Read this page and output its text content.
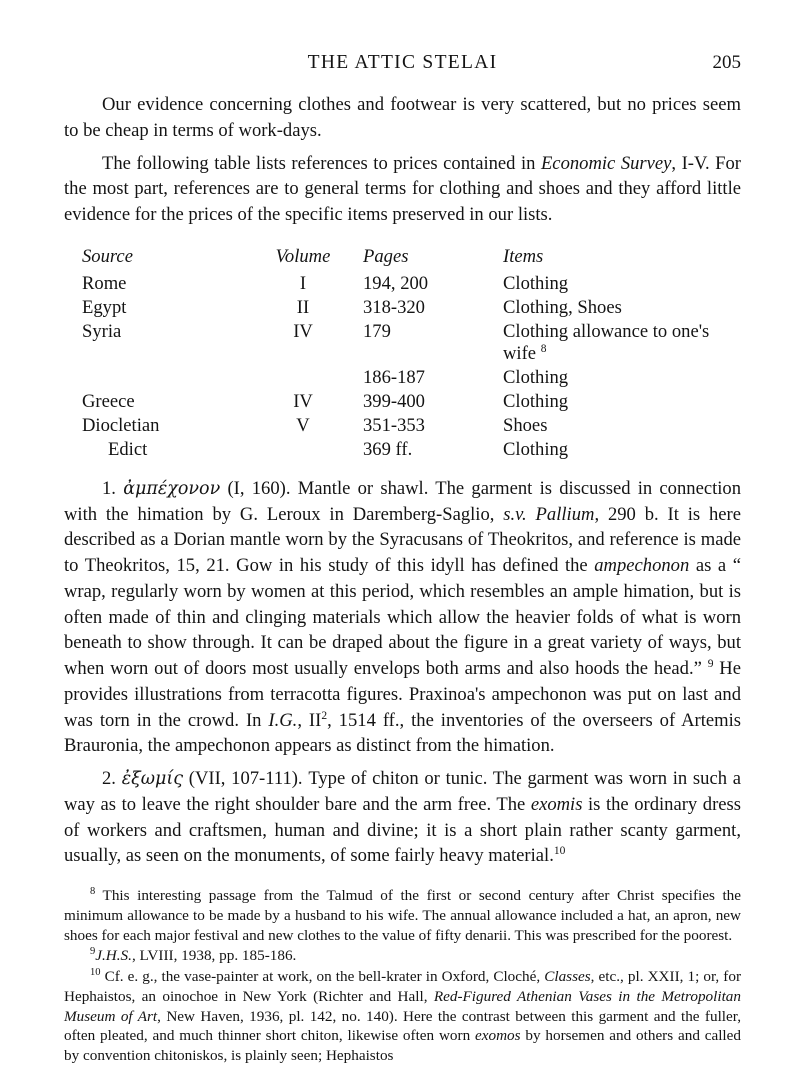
THE ATTIC STELAI	205

Our evidence concerning clothes and footwear is very scattered, but no prices seem to be cheap in terms of work-days.

The following table lists references to prices contained in Economic Survey, I-V. For the most part, references are to general terms for clothing and shoes and they afford little evidence for the prices of the specific items preserved in our lists.

Source	Volume	Pages	Items
Rome	I	194, 200	Clothing
Egypt	II	318-320	Clothing, Shoes
Syria	IV	179	Clothing allowance to one's wife $^8$
		186-187	Clothing
Greece	IV	399-400	Clothing
Diocletian	V	351-353	Shoes
Edict		369 ff.	Clothing

1. ἀμπέχονον (I, 160). Mantle or shawl. The garment is discussed in connection with the himation by G. Leroux in Daremberg-Saglio, s.v. Pallium, 290 b. It is here described as a Dorian mantle worn by the Syracusans of Theokritos, and reference is made to Theokritos, 15, 21. Gow in his study of this idyll has defined the ampechonon as a “ wrap, regularly worn by women at this period, which resembles an ample himation, but is often made of thin and clinging materials which allow the heavier folds of what is worn beneath to show through. It can be draped about the figure in a great variety of ways, but when worn out of doors most usually envelops both arms and also hoods the head.” $^9$ He provides illustrations from terracotta figures. Praxinoa's ampechonon was put on last and was torn in the crowd. In I.G., $II^2$, 1514 ff., the inventories of the overseers of Artemis Brauronia, the ampechonon appears as distinct from the himation.

2. ἐξωμίς (VII, 107-111). Type of chiton or tunic. The garment was worn in such a way as to leave the right shoulder bare and the arm free. The exomis is the ordinary dress of workers and craftsmen, human and divine; it is a short plain rather scanty garment, usually, as seen on the monuments, of some fairly heavy material.$^{10}$

$^8$ This interesting passage from the Talmud of the first or second century after Christ specifies the minimum allowance to be made by a husband to his wife. The annual allowance included a hat, an apron, new shoes for each major festival and new clothes to the value of fifty denarii. This was prescribed for the poorest.

$^9$J.H.S., LVIII, 1938, pp. 185-186.

$^{10}$ Cf. e. g., the vase-painter at work, on the bell-krater in Oxford, Cloché, Classes, etc., pl. XXII, 1; or, for Hephaistos, an oinochoe in New York (Richter and Hall, Red-Figured Athenian Vases in the Metropolitan Museum of Art, New Haven, 1936, pl. 142, no. 140). Here the contrast between this garment and the fuller, often pleated, and much thinner short chiton, likewise often worn exomos by horsemen and others and called by convention chitoniskos, is plainly seen; Hephaistos
